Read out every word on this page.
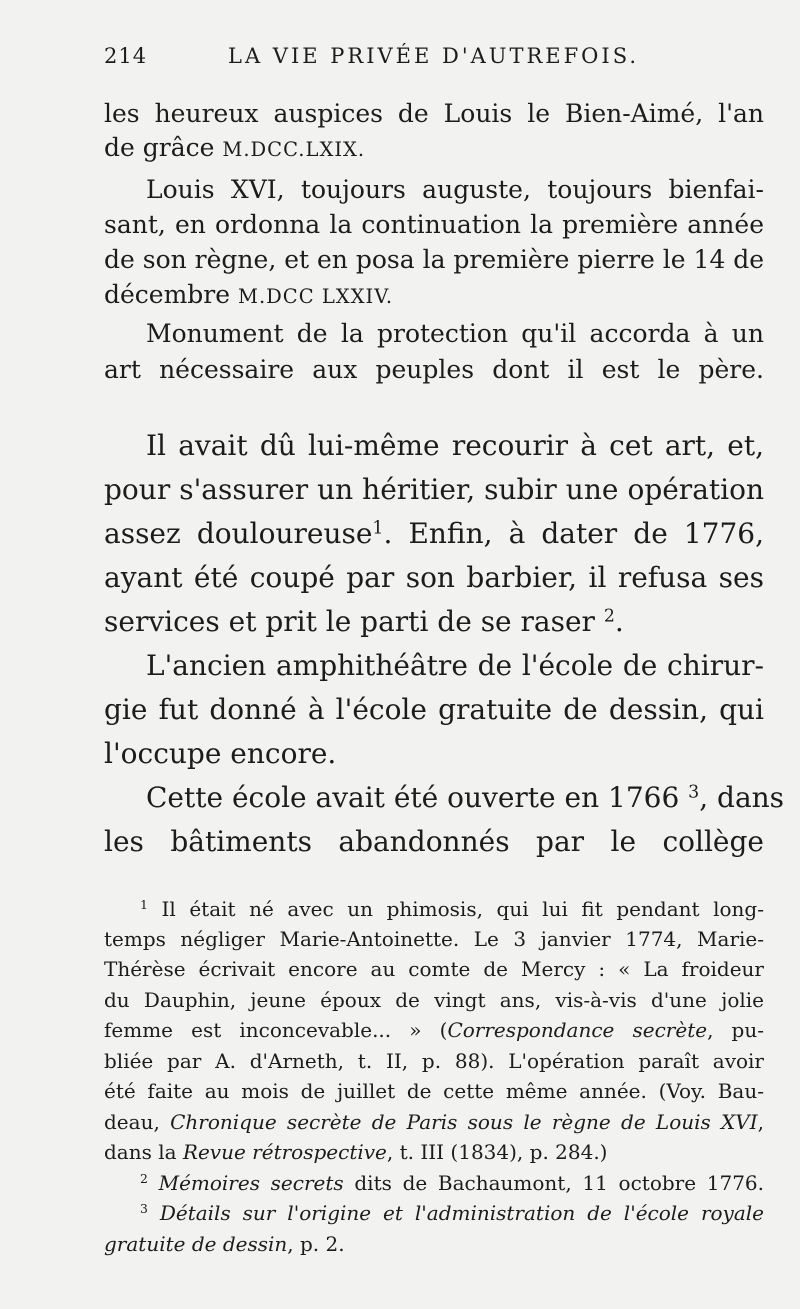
214	LA VIE PRIVÉE D'AUTREFOIS.
les heureux auspices de Louis le Bien-Aimé, l'an
de grâce M.DCC.LXIX.
Louis XVI, toujours auguste, toujours bienfai-
sant, en ordonna la continuation la première année
de son règne, et en posa la première pierre le 14 de
décembre M.DCC LXXIV.
Monument de la protection qu'il accorda à un
art nécessaire aux peuples dont il est le père.
Il avait dû lui-même recourir à cet art, et,
pour s'assurer un héritier, subir une opération
assez douloureuse$^1$. Enfin, à dater de 1776,
ayant été coupé par son barbier, il refusa ses
services et prit le parti de se raser $^2$.
L'ancien amphithéâtre de l'école de chirur-
gie fut donné à l'école gratuite de dessin, qui
l'occupe encore.
Cette école avait été ouverte en 1766 $^3$, dans
les bâtiments abandonnés par le collège
$^1$ Il était né avec un phimosis, qui lui fit pendant long-
temps négliger Marie-Antoinette. Le 3 janvier 1774, Marie-
Thérèse écrivait encore au comte de Mercy : « La froideur
du Dauphin, jeune époux de vingt ans, vis-à-vis d'une jolie
femme est inconcevable... » (Correspondance secrète, pu-
bliée par A. d'Arneth, t. II, p. 88). L'opération paraît avoir
été faite au mois de juillet de cette même année. (Voy. Bau-
deau, Chronique secrète de Paris sous le règne de Louis XVI,
dans la Revue rétrospective, t. III (1834), p. 284.)
$^2$ Mémoires secrets dits de Bachaumont, 11 octobre 1776.
$^3$ Détails sur l'origine et l'administration de l'école royale
gratuite de dessin, p. 2.
